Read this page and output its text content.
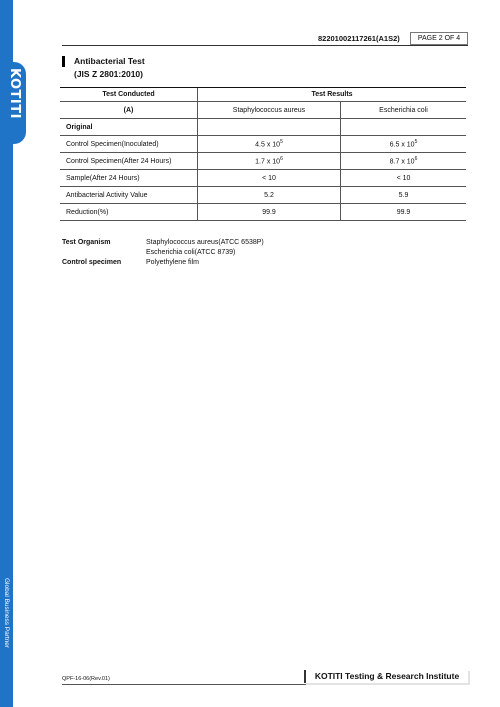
KOTITI
Global Business Partner
82201002117261(A1S2)	PAGE 2 OF 4
Antibacterial Test
(JIS Z 2801:2010)
Test Conducted	Test Results	
(A)	Staphylococcus aureus	Escherichia coli
Original		
Control Specimen(Inoculated)	4.5 x $10^5$	6.5 x $10^5$
Control Specimen(After 24 Hours)	1.7 x $10^6$	8.7 x $10^6$
Sample(After 24 Hours)	< 10	< 10
Antibacterial Activity Value	5.2	5.9
Reduction(%)	99.9	99.9
Test Organism	Staphylococcus aureus(ATCC 6538P)
Escherichia coli(ATCC 8739)
Control specimen	Polyethylene film
QPF-16-06(Rev.01)	KOTITI Testing & Research Institute
